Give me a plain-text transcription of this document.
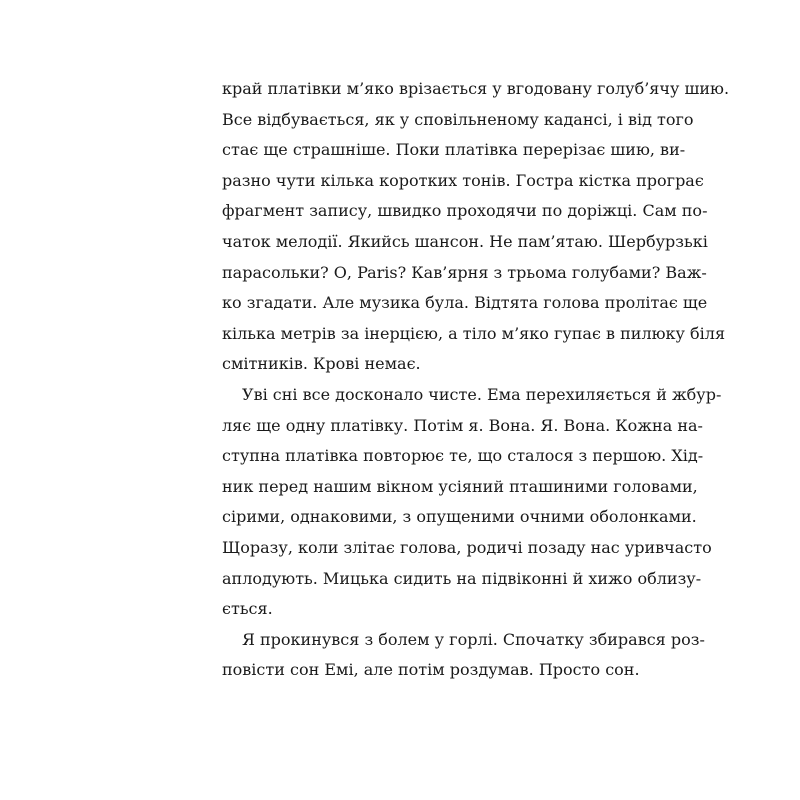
край платівки м’яко врізається у вгодовану голуб’ячу шию.
Все відбувається, як у сповільненому кадансі, і від того
стає ще страшніше. Поки платівка перерізає шию, ви-
разно чути кілька коротких тонів. Гостра кістка програє
фрагмент запису, швидко проходячи по доріжці. Сам по-
чаток мелодії. Якийсь шансон. Не пам’ятаю. Шербурзькі
парасольки? О, Paris? Кав’ярня з трьома голубами? Важ-
ко згадати. Але музика була. Відтята голова пролітає ще
кілька метрів за інерцією, а тіло м’яко гупає в пилюку біля
смітників. Крові немає.
Уві сні все досконало чисте. Ема перехиляється й жбур-
ляє ще одну платівку. Потім я. Вона. Я. Вона. Кожна на-
ступна платівка повторює те, що сталося з першою. Хід-
ник перед нашим вікном усіяний пташиними головами,
сірими, однаковими, з опущеними очними оболонками.
Щоразу, коли злітає голова, родичі позаду нас уривчасто
аплодують. Мицька сидить на підвіконні й хижо облизу-
ється.
Я прокинувся з болем у горлі. Спочатку збирався роз-
повісти сон Емі, але потім роздумав. Просто сон.
